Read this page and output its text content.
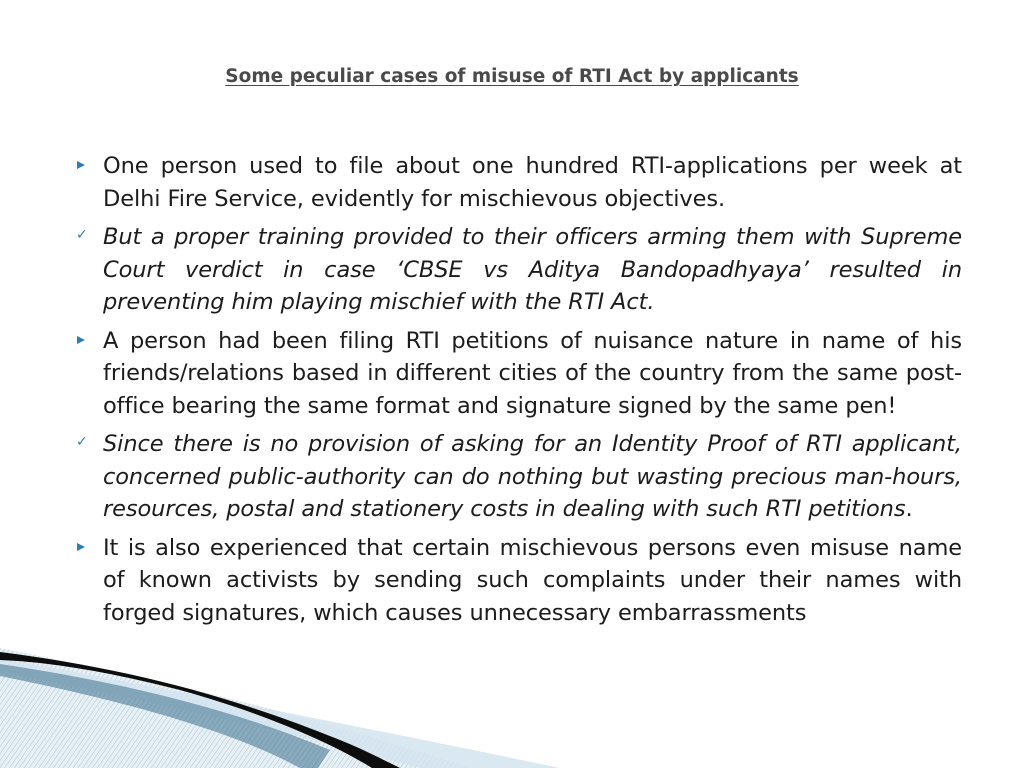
Some peculiar cases of misuse of RTI Act by applicants
One person used to file about one hundred RTI-applications per week at Delhi Fire Service, evidently for mischievous objectives.
✓ But a proper training provided to their officers arming them with Supreme Court verdict in case ‘CBSE vs Aditya Bandopadhyaya’ resulted in preventing him playing mischief with the RTI Act.
A person had been filing RTI petitions of nuisance nature in name of his friends/relations based in different cities of the country from the same post-office bearing the same format and signature signed by the same pen!
✓ Since there is no provision of asking for an Identity Proof of RTI applicant, concerned public-authority can do nothing but wasting precious man-hours, resources, postal and stationery costs in dealing with such RTI petitions.
It is also experienced that certain mischievous persons even misuse name of known activists by sending such complaints under their names with forged signatures, which causes unnecessary embarrassments
